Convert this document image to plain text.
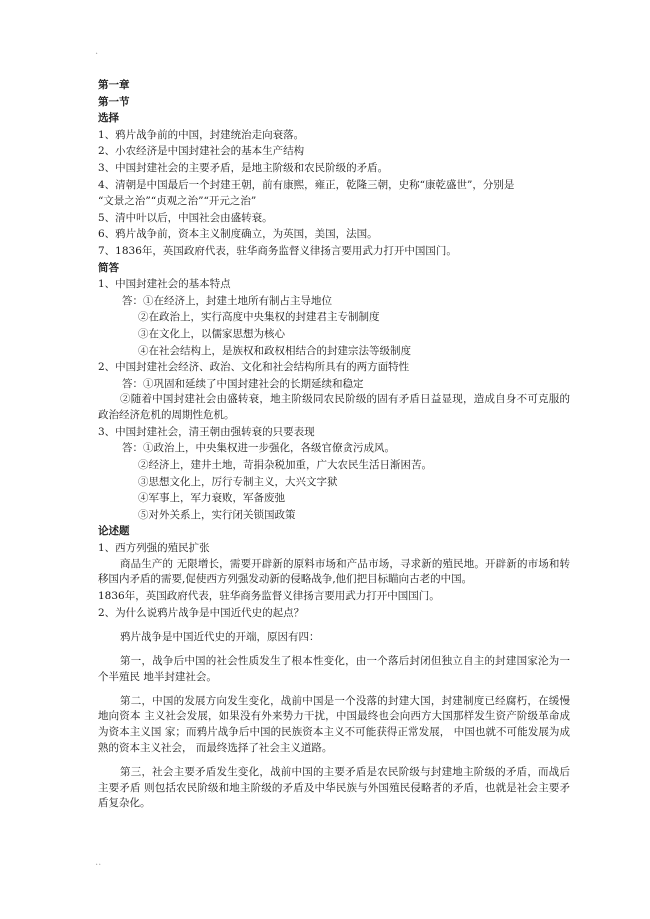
·
第一章
第一节
选择
1、鸦片战争前的中国，封建统治走向衰落。
2、小农经济是中国封建社会的基本生产结构
3、中国封建社会的主要矛盾，是地主阶级和农民阶级的矛盾。
4、清朝是中国最后一个封建王朝，前有康熙，雍正，乾隆三朝，史称“康乾盛世”，分别是
“文景之治”“贞观之治”“开元之治”
5、清中叶以后，中国社会由盛转衰。
6、鸦片战争前，资本主义制度确立，为英国，美国，法国。
7、1836年，英国政府代表，驻华商务监督义律扬言要用武力打开中国国门。
简答
1、中国封建社会的基本特点
答：①在经济上，封建土地所有制占主导地位
②在政治上，实行高度中央集权的封建君主专制制度
③在文化上，以儒家思想为核心
④在社会结构上，是族权和政权相结合的封建宗法等级制度
2、中国封建社会经济、政治、文化和社会结构所具有的两方面特性
答：①巩固和延续了中国封建社会的长期延续和稳定
②随着中国封建社会由盛转衰，地主阶级同农民阶级的固有矛盾日益显现，造成自身不可克服的政治经济危机的周期性危机。
3、中国封建社会，清王朝由强转衰的只要表现
答：①政治上，中央集权进一步强化，各级官僚贪污成风。
②经济上，建井土地，苛捐杂税加重，广大农民生活日渐困苦。
③思想文化上，厉行专制主义，大兴文字狱
④军事上，军力衰败，军备废弛
⑤对外关系上，实行闭关锁国政策
论述题
1、西方列强的殖民扩张
商品生产的 无限增长，需要开辟新的原料市场和产品市场，寻求新的殖民地。开辟新的市场和转移国内矛盾的需要,促使西方列强发动新的侵略战争,他们把目标瞄向古老的中国。
1836年，英国政府代表，驻华商务监督义律扬言要用武力打开中国国门。
2、为什么说鸦片战争是中国近代史的起点？
鸦片战争是中国近代史的开端，原因有四：
第一，战争后中国的社会性质发生了根本性变化，由一个落后封闭但独立自主的封建国家沦为一个半殖民 地半封建社会。
第二，中国的发展方向发生变化，战前中国是一个没落的封建大国，封建制度已经腐朽，在缓慢地向资本 主义社会发展，如果没有外来势力干扰，中国最终也会向西方大国那样发生资产阶级革命成为资本主义国 家；而鸦片战争后中国的民族资本主义不可能获得正常发展， 中国也就不可能发展为成熟的资本主义社会， 而最终选择了社会主义道路。
第三，社会主要矛盾发生变化，战前中国的主要矛盾是农民阶级与封建地主阶级的矛盾，而战后主要矛盾 则包括农民阶级和地主阶级的矛盾及中华民族与外国殖民侵略者的矛盾，也就是社会主要矛盾复杂化。
..
